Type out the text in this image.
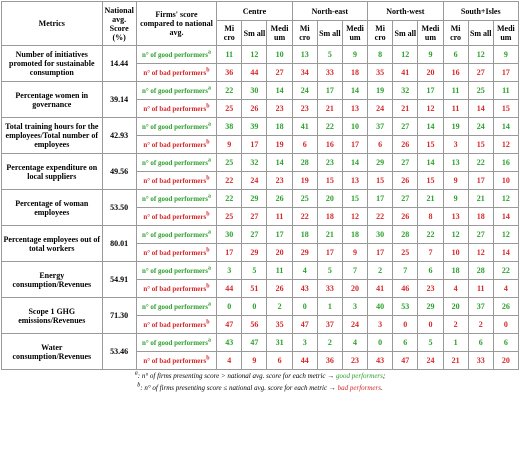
Metrics	National avg. Score (%)	Firms' score compared to national avg.	Centre			North-east			North-west			South+Isles		
			Mi cro	Sm all	Medi um	Mi cro	Sm all	Medi um	Mi cro	Sm all	Medi um	Mi cro	Sm all	Medi um
Number of initiatives promoted for sustainable consumption	14.44	n° of good performers$^a$	11	12	10	13	5	9	8	12	9	6	12	9
		n° of bad performers$^b$	36	44	27	34	33	18	35	41	20	16	27	17
Percentage women in governance	39.14	n° of good performers$^a$	22	30	14	24	17	14	19	32	17	11	25	11
		n° of bad performers$^b$	25	26	23	23	21	13	24	21	12	11	14	15
Total training hours for the employees/Total number of employees	42.93	n° of good performers$^a$	38	39	18	41	22	10	37	27	14	19	24	14
		n° of bad performers$^b$	9	17	19	6	16	17	6	26	15	3	15	12
Percentage expenditure on local suppliers	49.56	n° of good performers$^a$	25	32	14	28	23	14	29	27	14	13	22	16
		n° of bad performers$^b$	22	24	23	19	15	13	15	26	15	9	17	10
Percentage of woman employees	53.50	n° of good performers$^a$	22	29	26	25	20	15	17	27	21	9	21	12
		n° of bad performers$^b$	25	27	11	22	18	12	22	26	8	13	18	14
Percentage employees out of total workers	80.01	n° of good performers$^a$	30	27	17	18	21	18	30	28	22	12	27	12
		n° of bad performers$^b$	17	29	20	29	17	9	17	25	7	10	12	14
Energy consumption/Revenues	54.91	n° of good performers$^a$	3	5	11	4	5	7	2	7	6	18	28	22
		n° of bad performers$^b$	44	51	26	43	33	20	41	46	23	4	11	4
Scope 1 GHG emissions/Revenues	71.30	n° of good performers$^a$	0	0	2	0	1	3	40	53	29	20	37	26
		n° of bad performers$^b$	47	56	35	47	37	24	3	0	0	2	2	0
Water consumption/Revenues	53.46	n° of good performers$^a$	43	47	31	3	2	4	0	6	5	1	6	6
		n° of bad performers$^b$	4	9	6	44	36	23	43	47	24	21	33	20
$^a$: n° of firms presenting score > national avg. score for each metric → good performers;														
$^b$: n° of firms presenting score ≤ national avg. score for each metric → bad performers.														
